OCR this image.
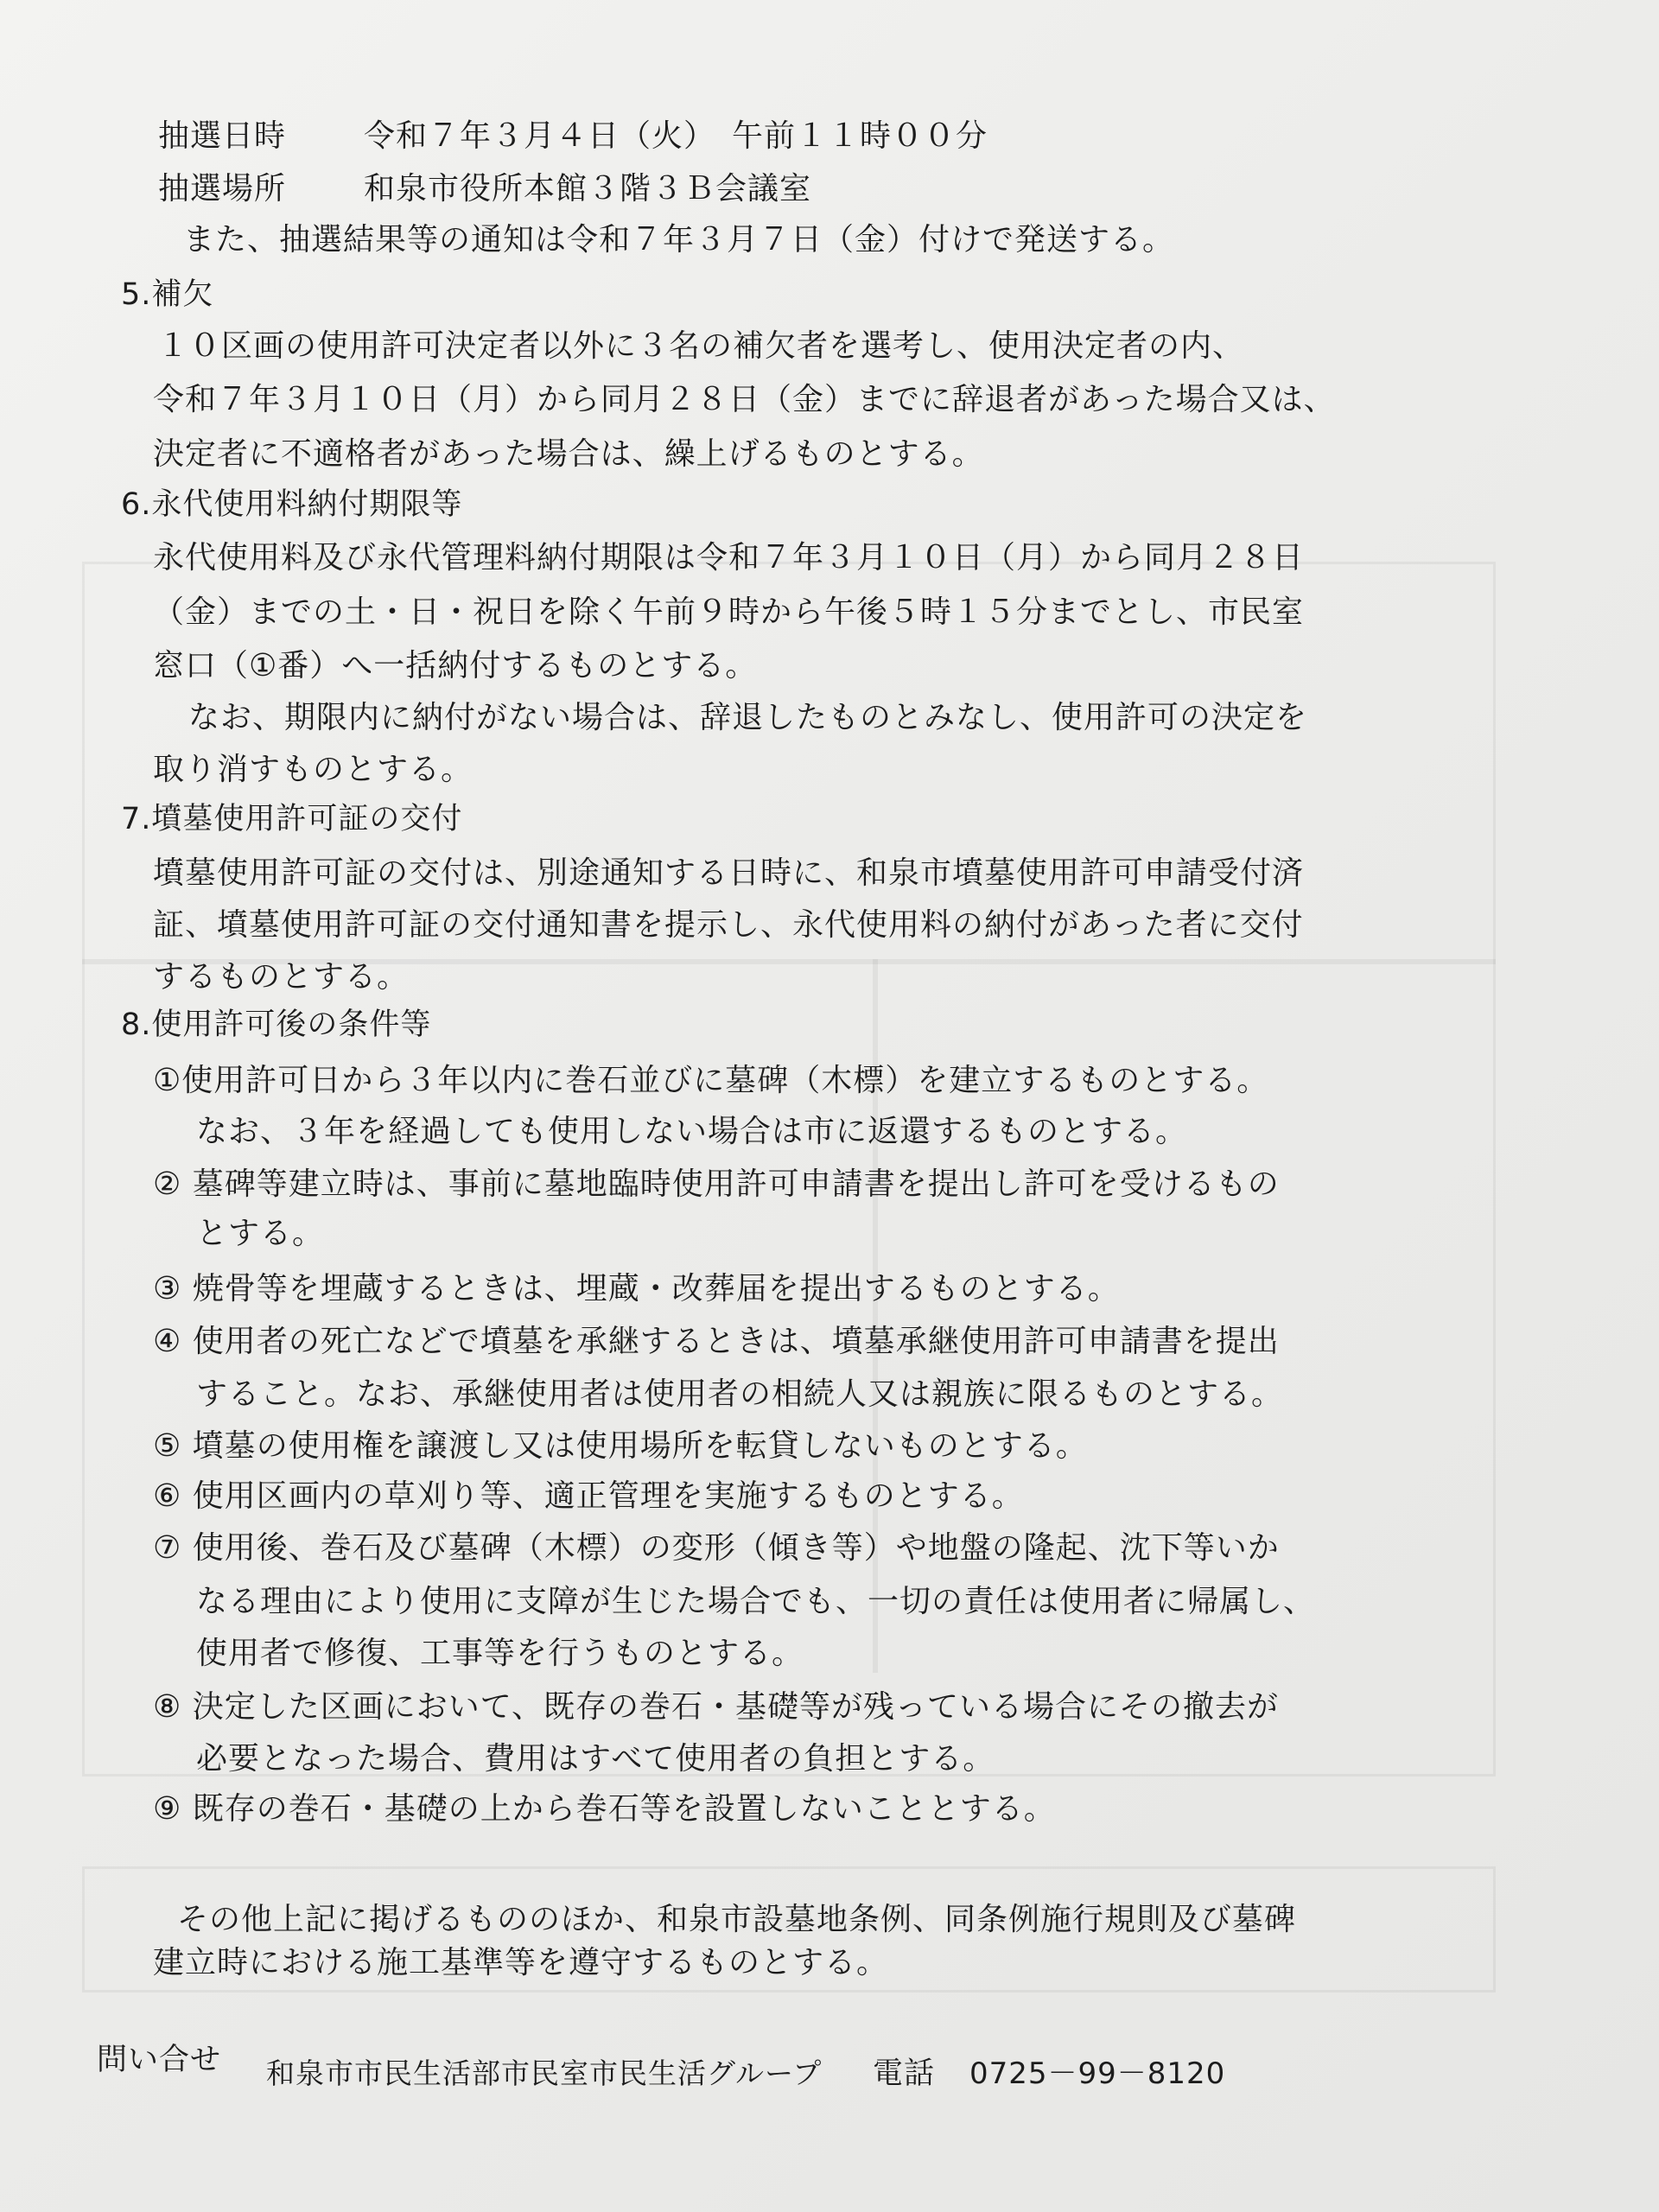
抽選日時	令和７年３月４日（火）　午前１１時００分
抽選場所	和泉市役所本館３階３Ｂ会議室
また、抽選結果等の通知は令和７年３月７日（金）付けで発送する。
5.補欠
１０区画の使用許可決定者以外に３名の補欠者を選考し、使用決定者の内、
令和７年３月１０日（月）から同月２８日（金）までに辞退者があった場合又は、
決定者に不適格者があった場合は、繰上げるものとする。
6.永代使用料納付期限等
永代使用料及び永代管理料納付期限は令和７年３月１０日（月）から同月２８日
（金）までの土・日・祝日を除く午前９時から午後５時１５分までとし、市民室
窓口（①番）へ一括納付するものとする。
なお、期限内に納付がない場合は、辞退したものとみなし、使用許可の決定を
取り消すものとする。
7.墳墓使用許可証の交付
墳墓使用許可証の交付は、別途通知する日時に、和泉市墳墓使用許可申請受付済
証、墳墓使用許可証の交付通知書を提示し、永代使用料の納付があった者に交付
するものとする。
8.使用許可後の条件等
①使用許可日から３年以内に巻石並びに墓碑（木標）を建立するものとする。
なお、３年を経過しても使用しない場合は市に返還するものとする。
② 墓碑等建立時は、事前に墓地臨時使用許可申請書を提出し許可を受けるもの
とする。
③ 焼骨等を埋蔵するときは、埋蔵・改葬届を提出するものとする。
④ 使用者の死亡などで墳墓を承継するときは、墳墓承継使用許可申請書を提出
すること。なお、承継使用者は使用者の相続人又は親族に限るものとする。
⑤ 墳墓の使用権を譲渡し又は使用場所を転貸しないものとする。
⑥ 使用区画内の草刈り等、適正管理を実施するものとする。
⑦ 使用後、巻石及び墓碑（木標）の変形（傾き等）や地盤の隆起、沈下等いか
なる理由により使用に支障が生じた場合でも、一切の責任は使用者に帰属し、
使用者で修復、工事等を行うものとする。
⑧ 決定した区画において、既存の巻石・基礎等が残っている場合にその撤去が
必要となった場合、費用はすべて使用者の負担とする。
⑨ 既存の巻石・基礎の上から巻石等を設置しないこととする。
その他上記に掲げるもののほか、和泉市設墓地条例、同条例施行規則及び墓碑
建立時における施工基準等を遵守するものとする。
問い合せ 和泉市市民生活部市民室市民生活グループ 電話 0725－99－8120
